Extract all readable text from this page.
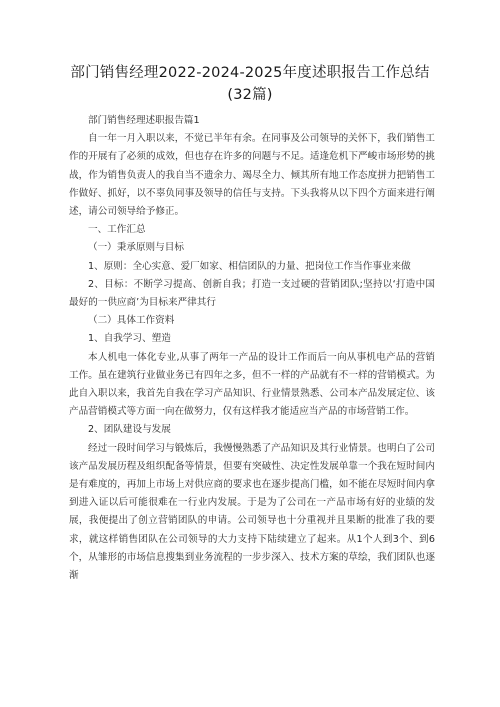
部门销售经理2022-2024-2025年度述职报告工作总结
(32篇)

部门销售经理述职报告篇1

自一年一月入职以来，不觉已半年有余。在同事及公司领导的关怀下，我们销售工作的开展有了必须的成效，但也存在许多的问题与不足。适逢危机下严峻市场形势的挑战，作为销售负责人的我自当不遗余力、竭尽全力、倾其所有地工作态度拼力把销售工作做好、抓好，以不辜负同事及领导的信任与支持。下头我将从以下四个方面来进行阐述，请公司领导给予修正。

一、工作汇总

（一）秉承原则与目标

1、原则：全心实意、爱厂如家、相信团队的力量、把岗位工作当作事业来做

2、目标：不断学习提高、创新自我；打造一支过硬的营销团队;坚持以‘打造中国最好的一供应商’为目标来严律其行

（二）具体工作资料

1、自我学习、塑造

本人机电一体化专业,从事了两年一产品的设计工作而后一向从事机电产品的营销工作。虽在建筑行业做业务已有四年之多，但不一样的产品就有不一样的营销模式。为此自入职以来，我首先自我在学习产品知识、行业情景熟悉、公司本产品发展定位、该产品营销模式等方面一向在做努力，仅有这样我才能适应当产品的市场营销工作。

2、团队建设与发展

经过一段时间学习与锻炼后，我慢慢熟悉了产品知识及其行业情景。也明白了公司该产品发展历程及组织配备等情景，但要有突破性、决定性发展单靠一个我在短时间内是有难度的，再加上市场上对供应商的要求也在逐步提高门槛，如不能在尽短时间内拿到进入证以后可能很难在一行业内发展。于是为了公司在一产品市场有好的业绩的发展，我便提出了创立营销团队的申请。公司领导也十分重视并且果断的批准了我的要求，就这样销售团队在公司领导的大力支持下陆续建立了起来。从1个人到3个、到6个，从雏形的市场信息搜集到业务流程的一步步深入、技术方案的草绘，我们团队也逐渐
